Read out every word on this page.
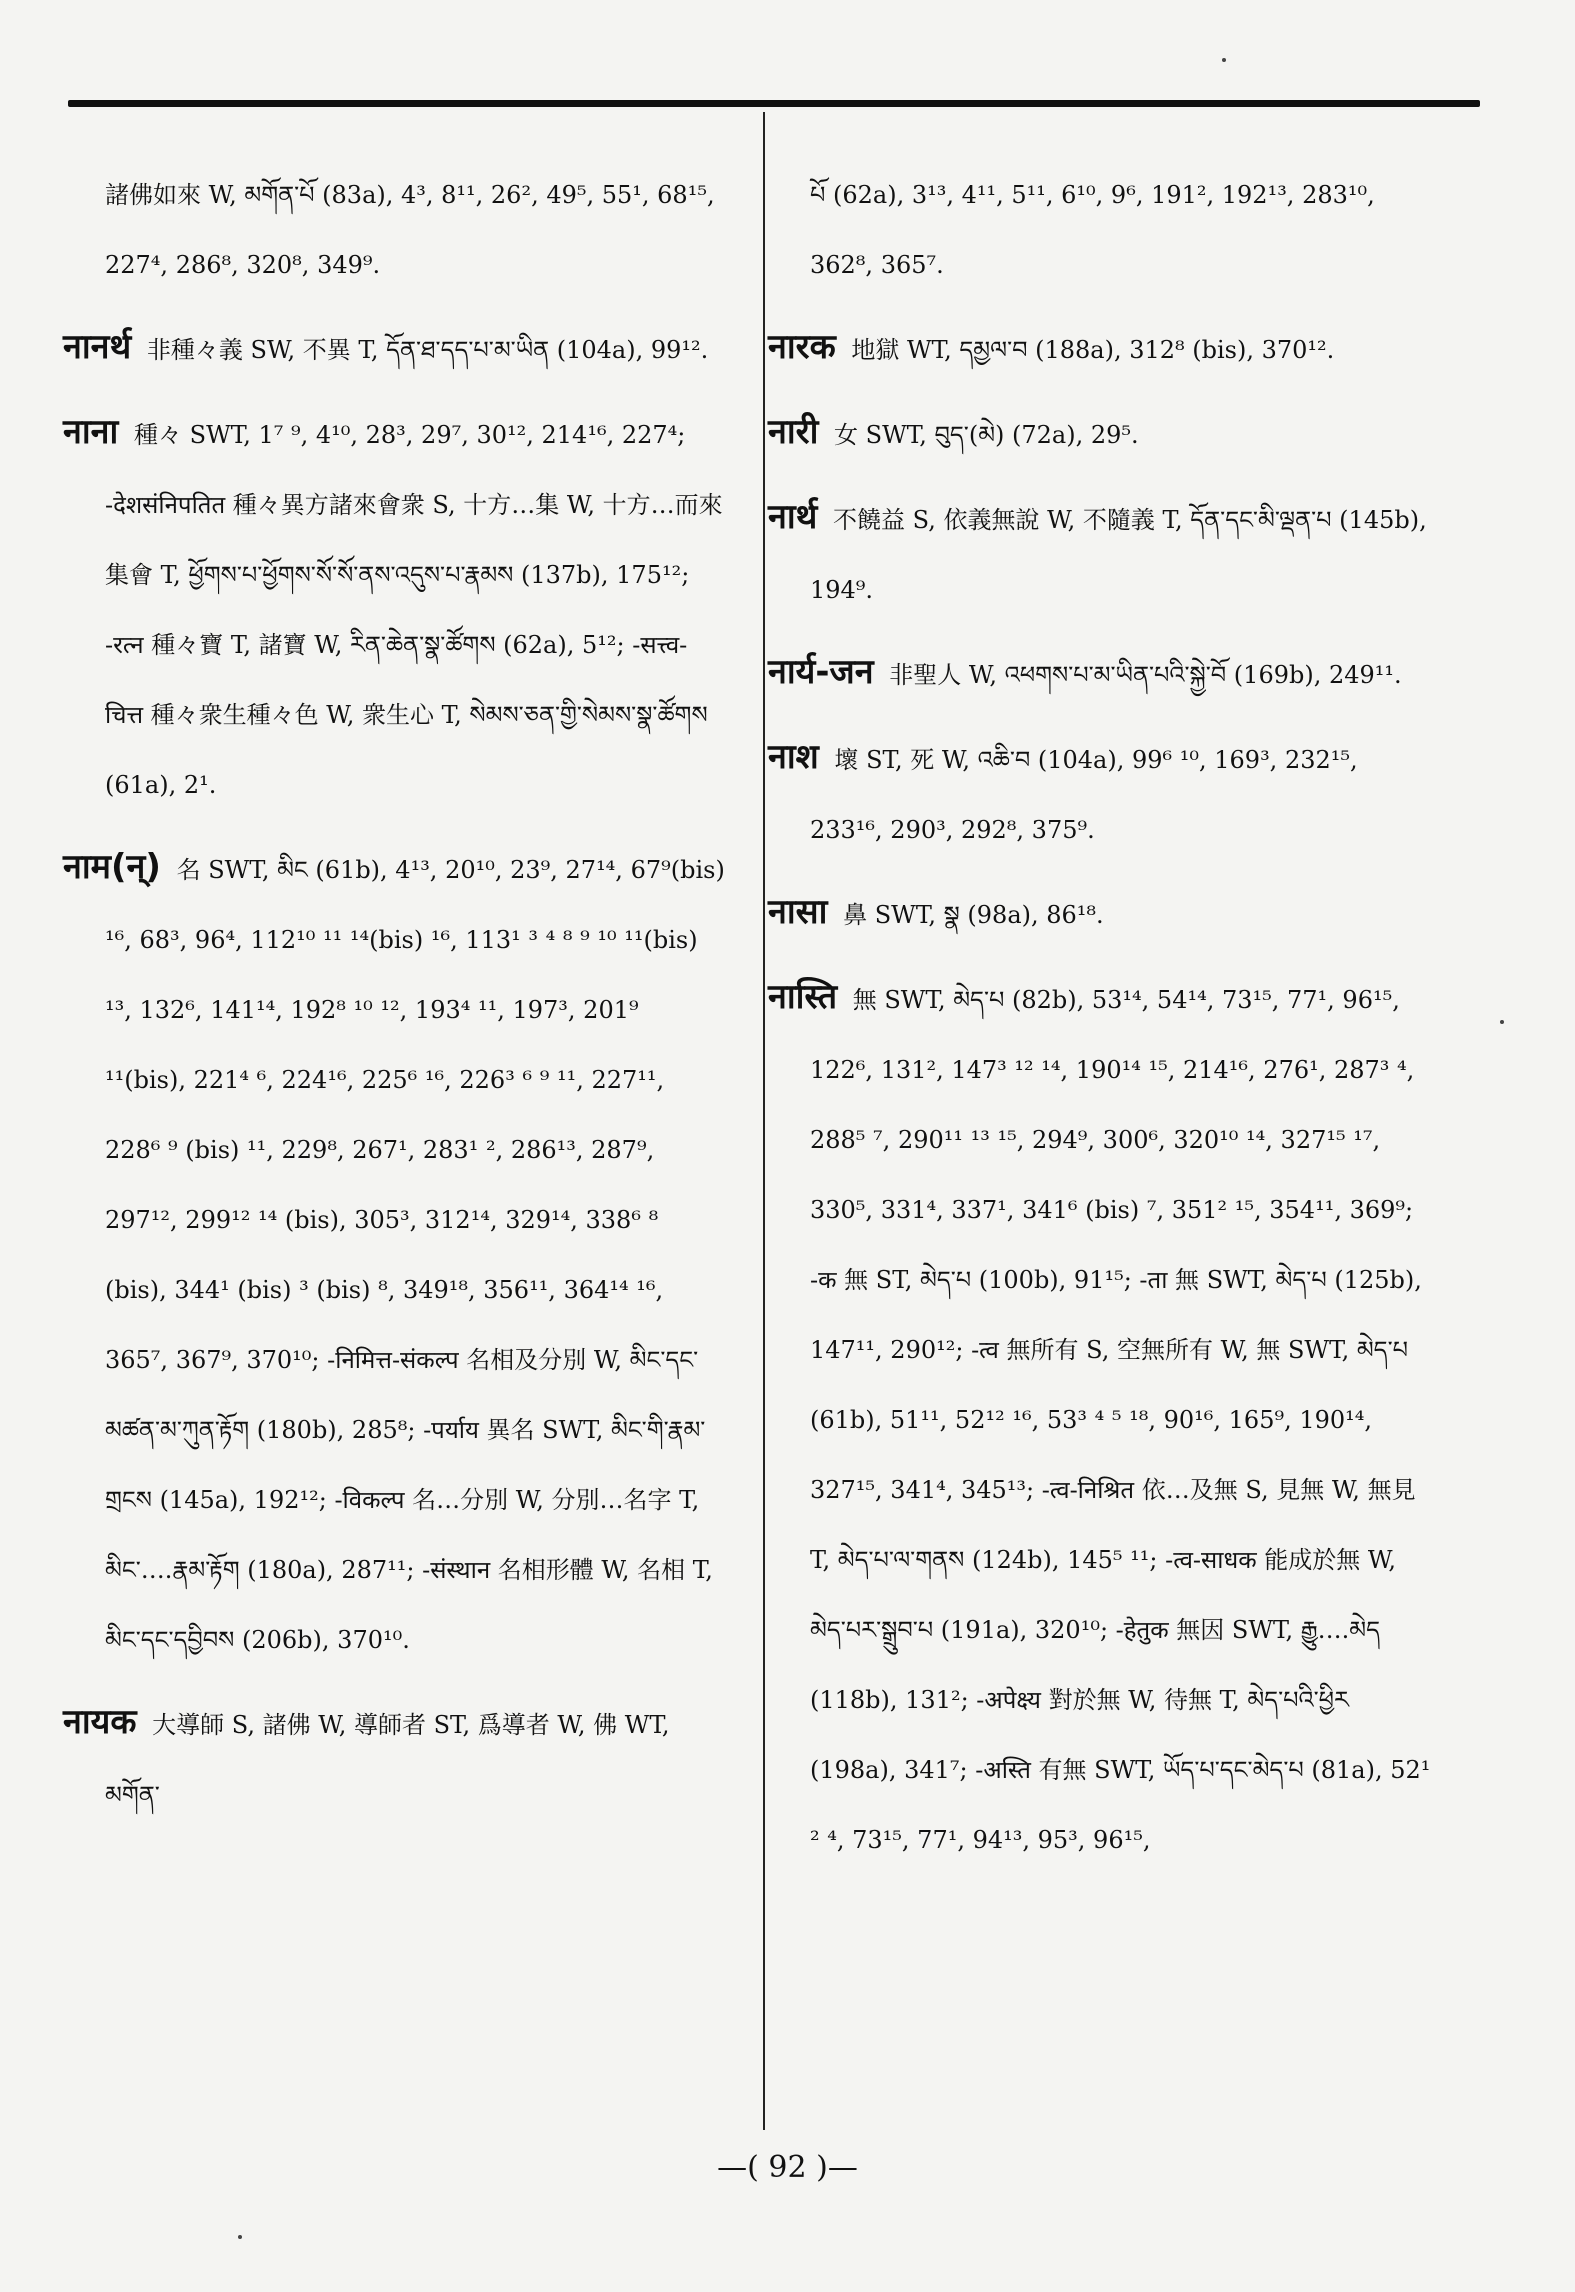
諸佛如來 W, མགོན་པོ (83a), 4³, 8¹¹, 26², 49⁵, 55¹, 68¹⁵, 227⁴, 286⁸, 320⁸, 349⁹.
नानर्थ 非種々義 SW, 不異 T, དོན་ཐ་དད་པ་མ་ཡིན (104a), 99¹².
नाना 種々 SWT, 1⁷ ⁹, 4¹⁰, 28³, 29⁷, 30¹², 214¹⁶, 227⁴; -देशसंनिपतित 種々異方諸來會衆 S, 十方…集 W, 十方…而來集會 T, ཕྱོགས་པ་ཕྱོགས་སོ་སོ་ནས་འདུས་པ་རྣམས (137b), 175¹²; -रत्न 種々寶 T, 諸寶 W, རིན་ཆེན་སྣ་ཚོགས (62a), 5¹²; -सत्त्व-चित्त 種々衆生種々色 W, 衆生心 T, སེམས་ཅན་གྱི་སེམས་སྣ་ཚོགས (61a), 2¹.
नाम(न्) 名 SWT, མིང (61b), 4¹³, 20¹⁰, 23⁹, 27¹⁴, 67⁹(bis) ¹⁶, 68³, 96⁴, 112¹⁰ ¹¹ ¹⁴(bis) ¹⁶, 113¹ ³ ⁴ ⁸ ⁹ ¹⁰ ¹¹(bis) ¹³, 132⁶, 141¹⁴, 192⁸ ¹⁰ ¹², 193⁴ ¹¹, 197³, 201⁹ ¹¹(bis), 221⁴ ⁶, 224¹⁶, 225⁶ ¹⁶, 226³ ⁶ ⁹ ¹¹, 227¹¹, 228⁶ ⁹ (bis) ¹¹, 229⁸, 267¹, 283¹ ², 286¹³, 287⁹, 297¹², 299¹² ¹⁴ (bis), 305³, 312¹⁴, 329¹⁴, 338⁶ ⁸ (bis), 344¹ (bis) ³ (bis) ⁸, 349¹⁸, 356¹¹, 364¹⁴ ¹⁶, 365⁷, 367⁹, 370¹⁰; -निमित्त-संकल्प 名相及分別 W, མིང་དང་མཚན་མ་ཀུན་རྟོག (180b), 285⁸; -पर्याय 異名 SWT, མིང་གི་རྣམ་གྲངས (145a), 192¹²; -विकल्प 名…分別 W, 分別…名字 T, མིང་….རྣམ་རྟོག (180a), 287¹¹; -संस्थान 名相形體 W, 名相 T, མིང་དང་དབྱིབས (206b), 370¹⁰.
नायक 大導師 S, 諸佛 W, 導師者 ST, 爲導者 W, 佛 WT, མགོན་
པོ (62a), 3¹³, 4¹¹, 5¹¹, 6¹⁰, 9⁶, 191², 192¹³, 283¹⁰, 362⁸, 365⁷.
नारक 地獄 WT, དམྱལ་བ (188a), 312⁸ (bis), 370¹².
नारी 女 SWT, བུད་(མེ) (72a), 29⁵.
नार्थ 不饒益 S, 依義無說 W, 不隨義 T, དོན་དང་མི་ལྡན་པ (145b), 194⁹.
नार्य-जन 非聖人 W, འཕགས་པ་མ་ཡིན་པའི་སྐྱེ་བོ (169b), 249¹¹.
नाश 壞 ST, 死 W, འཆི་བ (104a), 99⁶ ¹⁰, 169³, 232¹⁵, 233¹⁶, 290³, 292⁸, 375⁹.
नासा 鼻 SWT, སྣ (98a), 86¹⁸.
नास्ति 無 SWT, མེད་པ (82b), 53¹⁴, 54¹⁴, 73¹⁵, 77¹, 96¹⁵, 122⁶, 131², 147³ ¹² ¹⁴, 190¹⁴ ¹⁵, 214¹⁶, 276¹, 287³ ⁴, 288⁵ ⁷, 290¹¹ ¹³ ¹⁵, 294⁹, 300⁶, 320¹⁰ ¹⁴, 327¹⁵ ¹⁷, 330⁵, 331⁴, 337¹, 341⁶ (bis) ⁷, 351² ¹⁵, 354¹¹, 369⁹; -क 無 ST, མེད་པ (100b), 91¹⁵; -ता 無 SWT, མེད་པ (125b), 147¹¹, 290¹²; -त्व 無所有 S, 空無所有 W, 無 SWT, མེད་པ (61b), 51¹¹, 52¹² ¹⁶, 53³ ⁴ ⁵ ¹⁸, 90¹⁶, 165⁹, 190¹⁴, 327¹⁵, 341⁴, 345¹³; -त्व-निश्रित 依…及無 S, 見無 W, 無見 T, མེད་པ་ལ་གནས (124b), 145⁵ ¹¹; -त्व-साधक 能成於無 W, མེད་པར་སྒྲུབ་པ (191a), 320¹⁰; -हेतुक 無因 SWT, རྒྱུ….མེད (118b), 131²; -अपेक्ष्य 對於無 W, 待無 T, མེད་པའི་ཕྱིར (198a), 341⁷; -अस्ति 有無 SWT, ཡོད་པ་དང་མེད་པ (81a), 52¹ ² ⁴, 73¹⁵, 77¹, 94¹³, 95³, 96¹⁵,
—( 92 )—
